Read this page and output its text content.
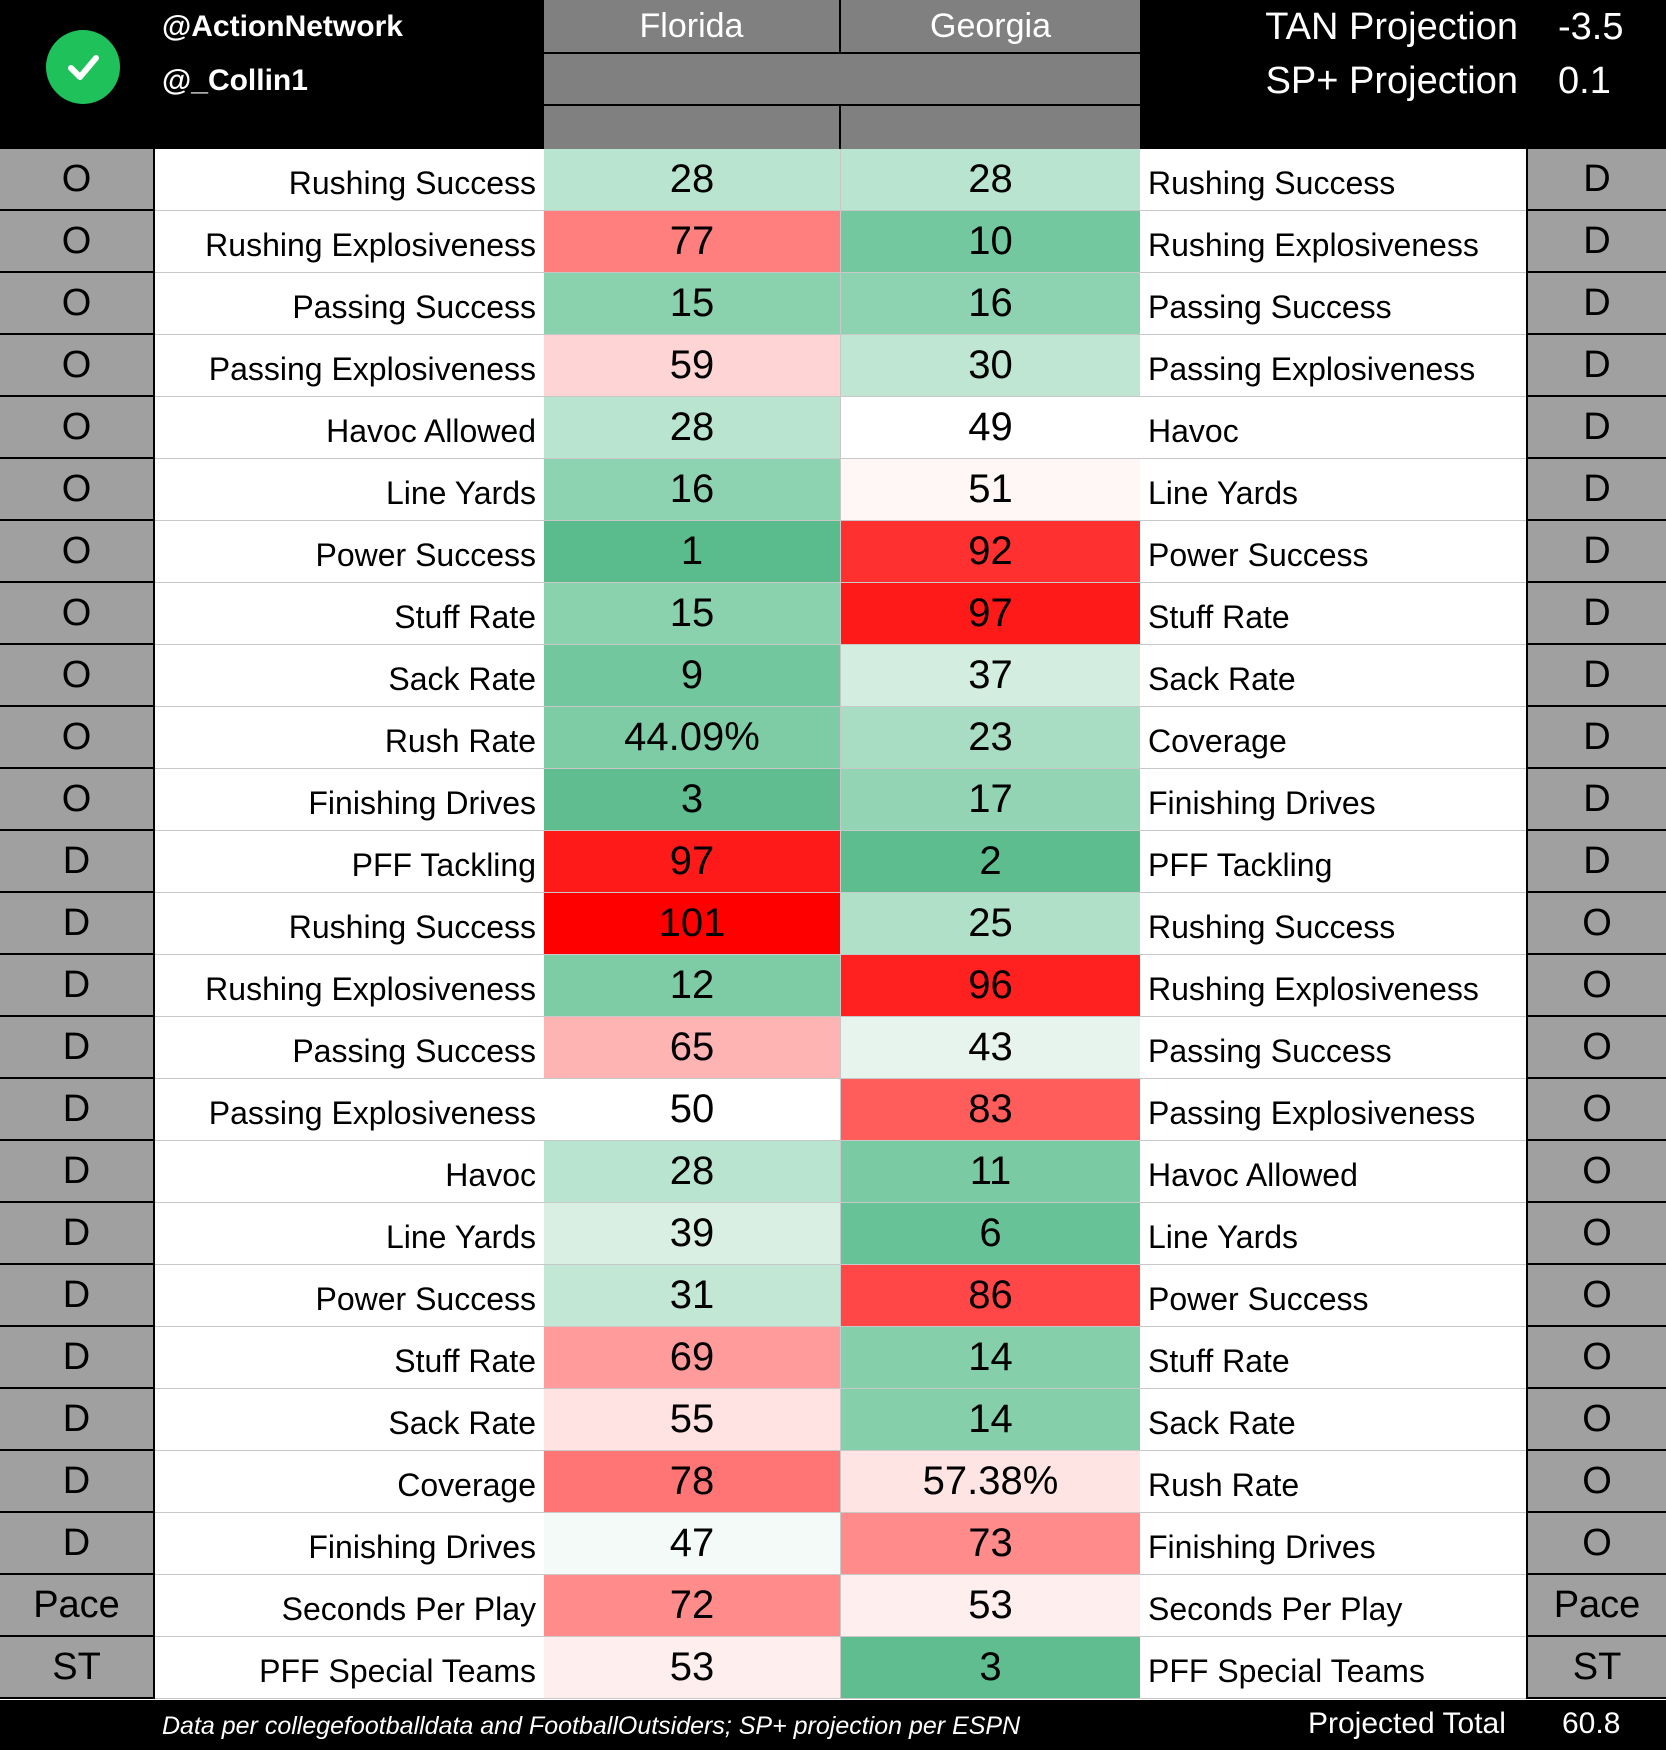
@ActionNetwork
@_Collin1
Florida	Georgia	TAN Projection -3.5
SP+ Projection 0.1
O	Rushing Success	28	28	Rushing Success	D
O	Rushing Explosiveness	77	10	Rushing Explosiveness	D
O	Passing Success	15	16	Passing Success	D
O	Passing Explosiveness	59	30	Passing Explosiveness	D
O	Havoc Allowed	28	49	Havoc	D
O	Line Yards	16	51	Line Yards	D
O	Power Success	1	92	Power Success	D
O	Stuff Rate	15	97	Stuff Rate	D
O	Sack Rate	9	37	Sack Rate	D
O	Rush Rate	44.09%	23	Coverage	D
O	Finishing Drives	3	17	Finishing Drives	D
D	PFF Tackling	97	2	PFF Tackling	D
D	Rushing Success	101	25	Rushing Success	O
D	Rushing Explosiveness	12	96	Rushing Explosiveness	O
D	Passing Success	65	43	Passing Success	O
D	Passing Explosiveness	50	83	Passing Explosiveness	O
D	Havoc	28	11	Havoc Allowed	O
D	Line Yards	39	6	Line Yards	O
D	Power Success	31	86	Power Success	O
D	Stuff Rate	69	14	Stuff Rate	O
D	Sack Rate	55	14	Sack Rate	O
D	Coverage	78	57.38%	Rush Rate	O
D	Finishing Drives	47	73	Finishing Drives	O
Pace	Seconds Per Play	72	53	Seconds Per Play	Pace
ST	PFF Special Teams	53	3	PFF Special Teams	ST
Data per collegefootballdata and FootballOutsiders; SP+ projection per ESPN	Projected Total 60.8
